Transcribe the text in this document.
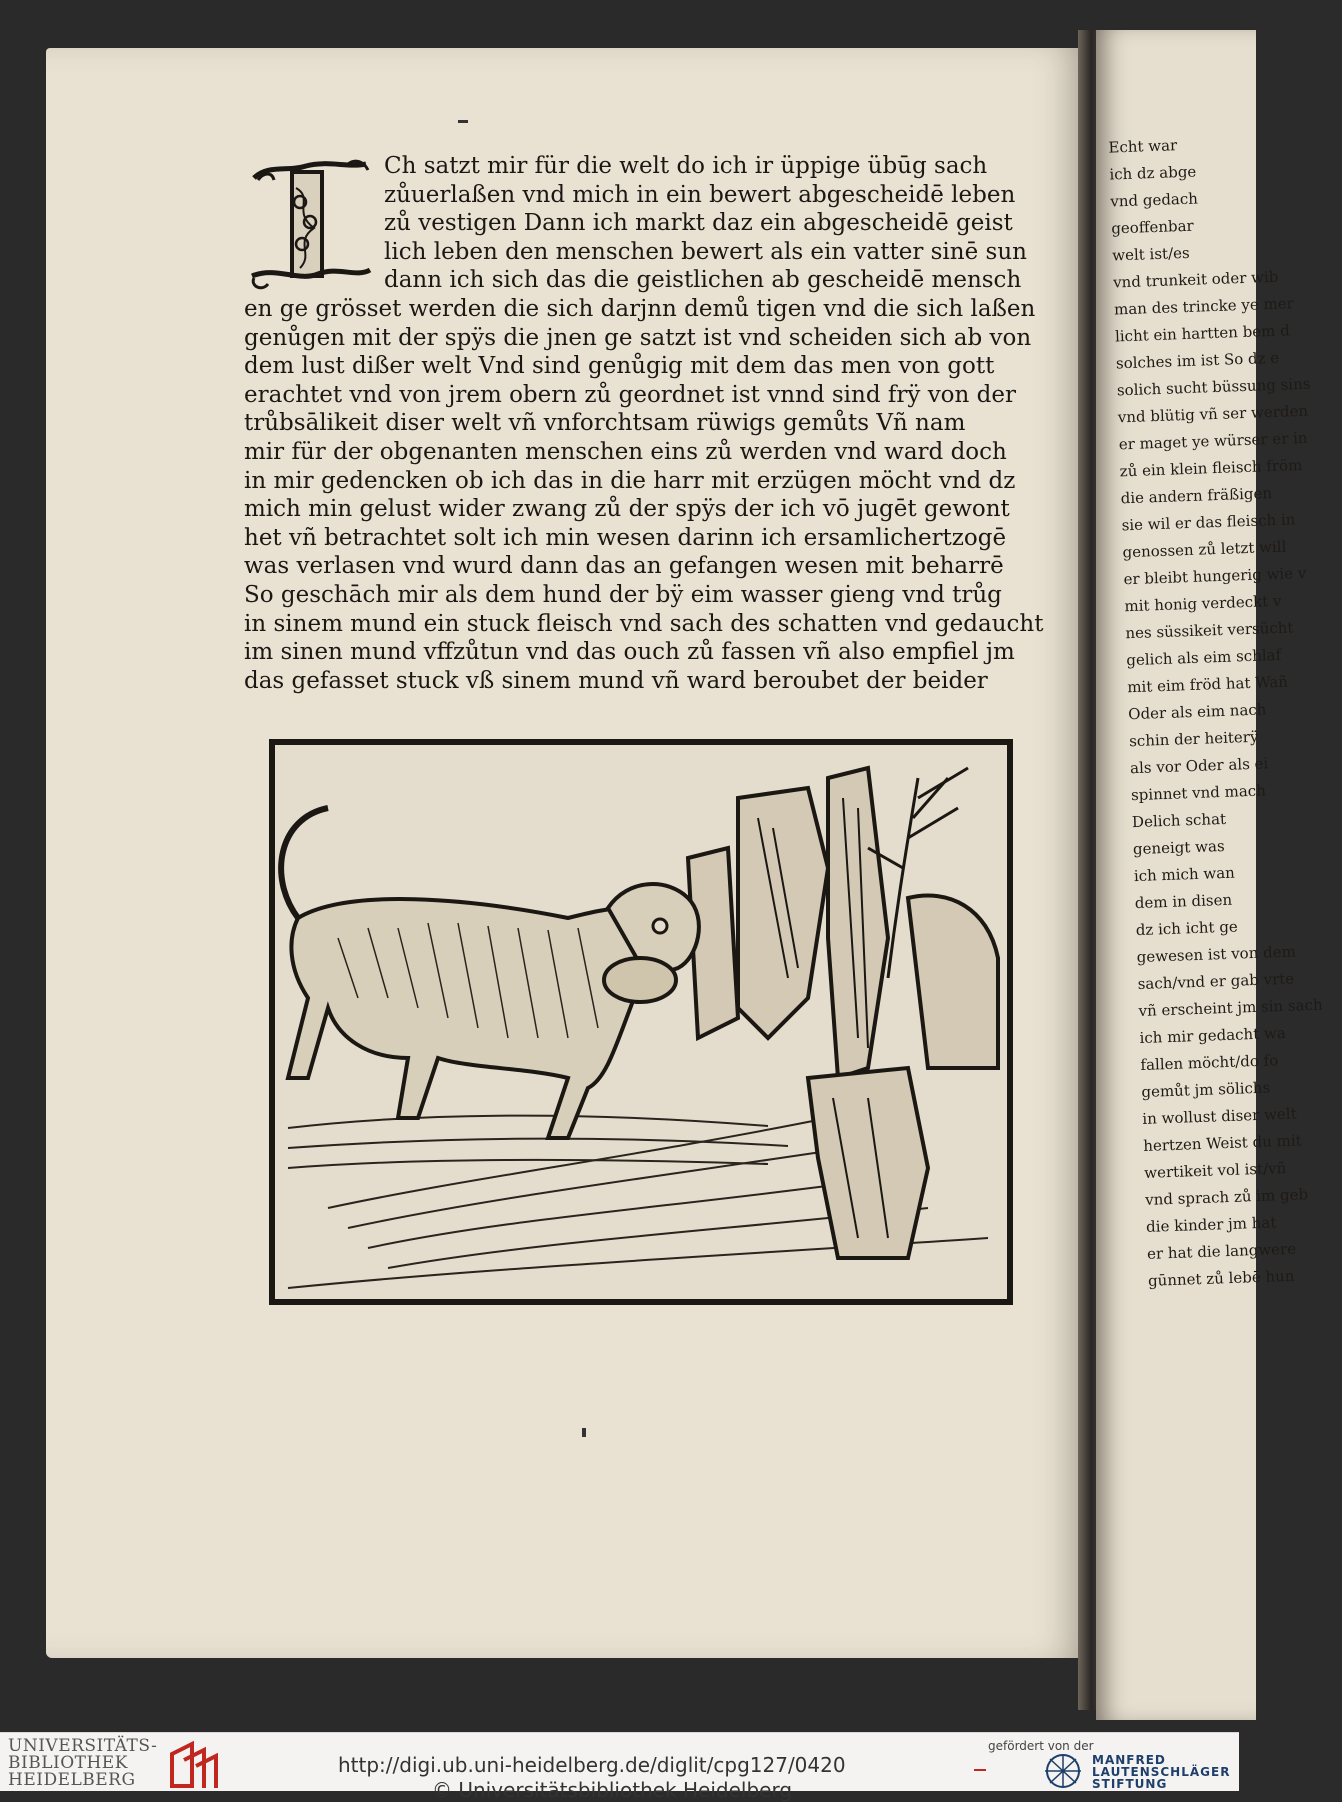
Echt war
ich dz abge
vnd gedach
geoffenbar
welt ist/es
vnd trunkeit oder wib
man des trincke ye mer
licht ein hartten bem d
solches im ist So dz e
solich sucht büssung sins
vnd blütig vñ ser werden
er maget ye würser er in
zů ein klein fleisch fröm
die andern fräßigen
sie wil er das fleisch in
genossen zů letzt will
er bleibt hungerig wie v
mit honig verdeckt v
nes süssikeit versücht
gelich als eim schlaf
mit eim fröd hat Wañ
Oder als eim nach
schin der heiterÿ
als vor Oder als ei
spinnet vnd mach
Delich schat
geneigt was
ich mich wan
dem in disen
dz ich icht ge
gewesen ist von dem
sach/vnd er gab vrte
vñ erscheint jm sin sach
ich mir gedacht wa
fallen möcht/do fo
gemůt jm sölichs
in wollust diser welt
hertzen Weist du mit
wertikeit vol ist/vñ
vnd sprach zů im geb
die kinder jm hat
er hat die langwere
gūnnet zů lebē hun
I	Ch satzt mir für die welt do ich ir üppige übūg sach
zůuerlaßen vnd mich in ein bewert abgescheidē leben
zů vestigen Dann ich markt daz ein abgescheidē geist
lich leben den menschen bewert als ein vatter sinē sun
dann ich sich das die geistlichen ab gescheidē mensch
en ge grösset werden die sich darjnn demů tigen vnd die sich laßen
genůgen mit der spÿs die jnen ge satzt ist vnd scheiden sich ab von
dem lust dißer welt Vnd sind genůgig mit dem das men von gott
erachtet vnd von jrem obern zů geordnet ist vnnd sind frÿ von der
trůbsālikeit diser welt vñ vnforchtsam rüwigs gemůts Vñ nam
mir für der obgenanten menschen eins zů werden vnd ward doch
in mir gedencken ob ich das in die harr mit erzügen möcht vnd dz
mich min gelust wider zwang zů der spÿs der ich vō jugēt gewont
het vñ betrachtet solt ich min wesen darinn ich ersamlichertzogē
was verlasen vnd wurd dann das an gefangen wesen mit beharrē
So geschāch mir als dem hund der bÿ eim wasser gieng vnd trůg
in sinem mund ein stuck fleisch vnd sach des schatten vnd gedaucht
im sinen mund vffzůtun vnd das ouch zů fassen vñ also empfiel jm
das gefasset stuck vß sinem mund vñ ward beroubet der beider
UNIVERSITÄTS-
BIBLIOTHEK
HEIDELBERG
http://digi.ub.uni-heidelberg.de/diglit/cpg127/0420
© Universitätsbibliothek Heidelberg
gefördert von der
MANFRED
LAUTENSCHLÄGER
STIFTUNG
